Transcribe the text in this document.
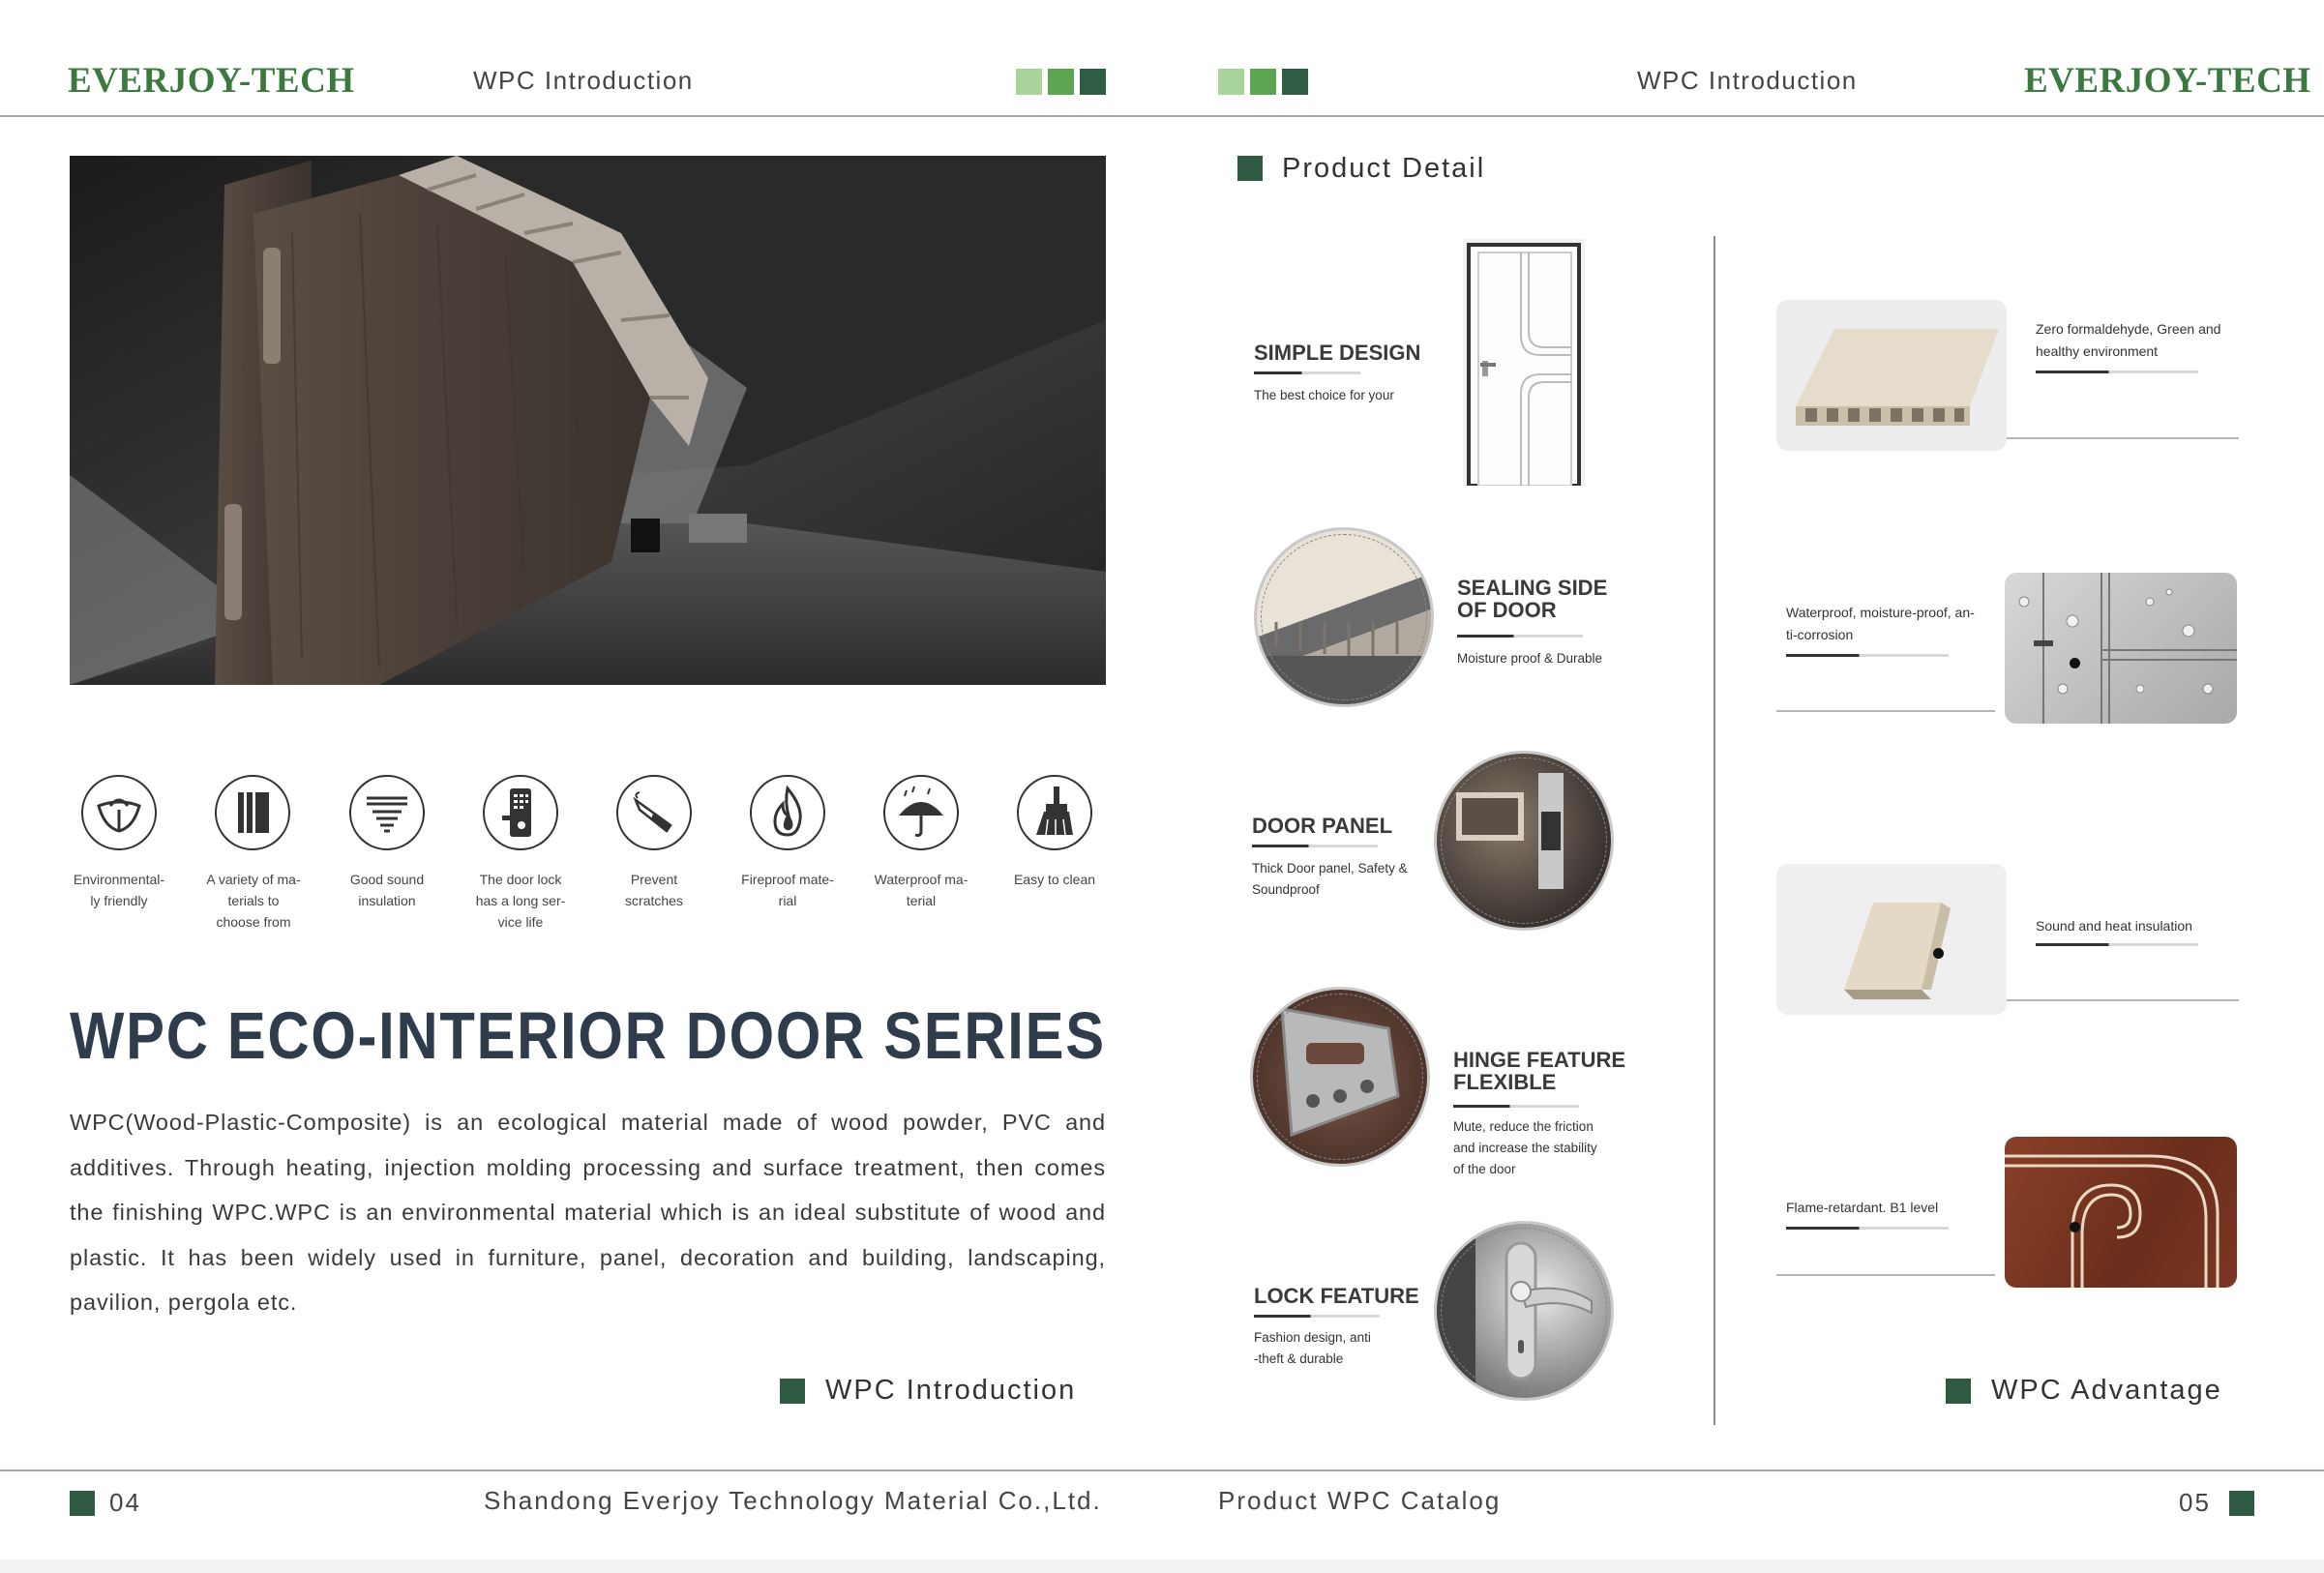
EVERJOY-TECH	WPC Introduction	WPC Introduction	EVERJOY-TECH
Environmental-
ly friendly
A variety of ma-
terials to
choose from
Good sound
insulation
The door lock
has a long ser-
vice life
Prevent
scratches
Fireproof mate-
rial
Waterproof ma-
terial
Easy to clean
WPC ECO-INTERIOR DOOR SERIES
WPC(Wood-Plastic-Composite) is an ecological material made of wood powder, PVC and additives. Through heating, injection molding processing and surface treatment, then comes the finishing WPC.WPC is an environmental material which is an ideal substitute of wood and plastic. It has been widely used in furniture, panel, decoration and building, landscaping, pavilion, pergola etc.
WPC Introduction
Product Detail
SIMPLE DESIGN
The best choice for your
SEALING SIDE
OF DOOR
Moisture proof & Durable
DOOR PANEL
Thick Door panel, Safety &
Soundproof
HINGE FEATURE
FLEXIBLE
Mute, reduce the friction
and increase the stability
of the door
LOCK FEATURE
Fashion design, anti
-theft & durable
Zero formaldehyde, Green and
healthy environment
Waterproof, moisture-proof, an-
ti-corrosion
Sound and heat insulation
Flame-retardant. B1 level
WPC Advantage
04	Shandong Everjoy Technology Material Co.,Ltd.	Product WPC Catalog	05
